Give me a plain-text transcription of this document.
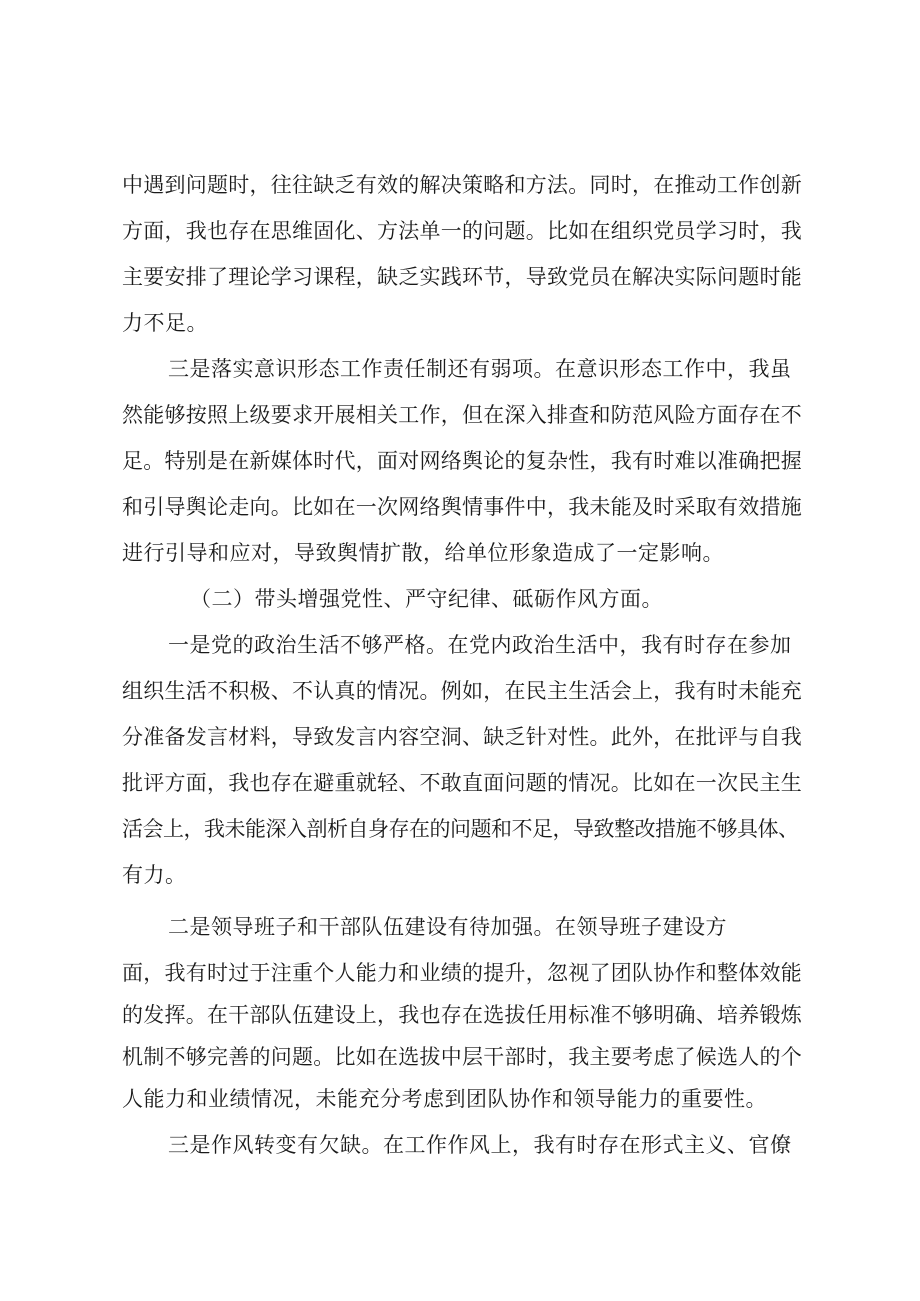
中遇到问题时，往往缺乏有效的解决策略和方法。同时，在推动工作创新

方面，我也存在思维固化、方法单一的问题。比如在组织党员学习时，我

主要安排了理论学习课程，缺乏实践环节，导致党员在解决实际问题时能

力不足。

三是落实意识形态工作责任制还有弱项。在意识形态工作中，我虽

然能够按照上级要求开展相关工作，但在深入排查和防范风险方面存在不

足。特别是在新媒体时代，面对网络舆论的复杂性，我有时难以准确把握

和引导舆论走向。比如在一次网络舆情事件中，我未能及时采取有效措施

进行引导和应对，导致舆情扩散，给单位形象造成了一定影响。

（二）带头增强党性、严守纪律、砥砺作风方面。

一是党的政治生活不够严格。在党内政治生活中，我有时存在参加

组织生活不积极、不认真的情况。例如，在民主生活会上，我有时未能充

分准备发言材料，导致发言内容空洞、缺乏针对性。此外，在批评与自我

批评方面，我也存在避重就轻、不敢直面问题的情况。比如在一次民主生

活会上，我未能深入剖析自身存在的问题和不足，导致整改措施不够具体、

有力。

二是领导班子和干部队伍建设有待加强。在领导班子建设方

面，我有时过于注重个人能力和业绩的提升，忽视了团队协作和整体效能

的发挥。在干部队伍建设上，我也存在选拔任用标准不够明确、培养锻炼

机制不够完善的问题。比如在选拔中层干部时，我主要考虑了候选人的个

人能力和业绩情况，未能充分考虑到团队协作和领导能力的重要性。

三是作风转变有欠缺。在工作作风上，我有时存在形式主义、官僚
